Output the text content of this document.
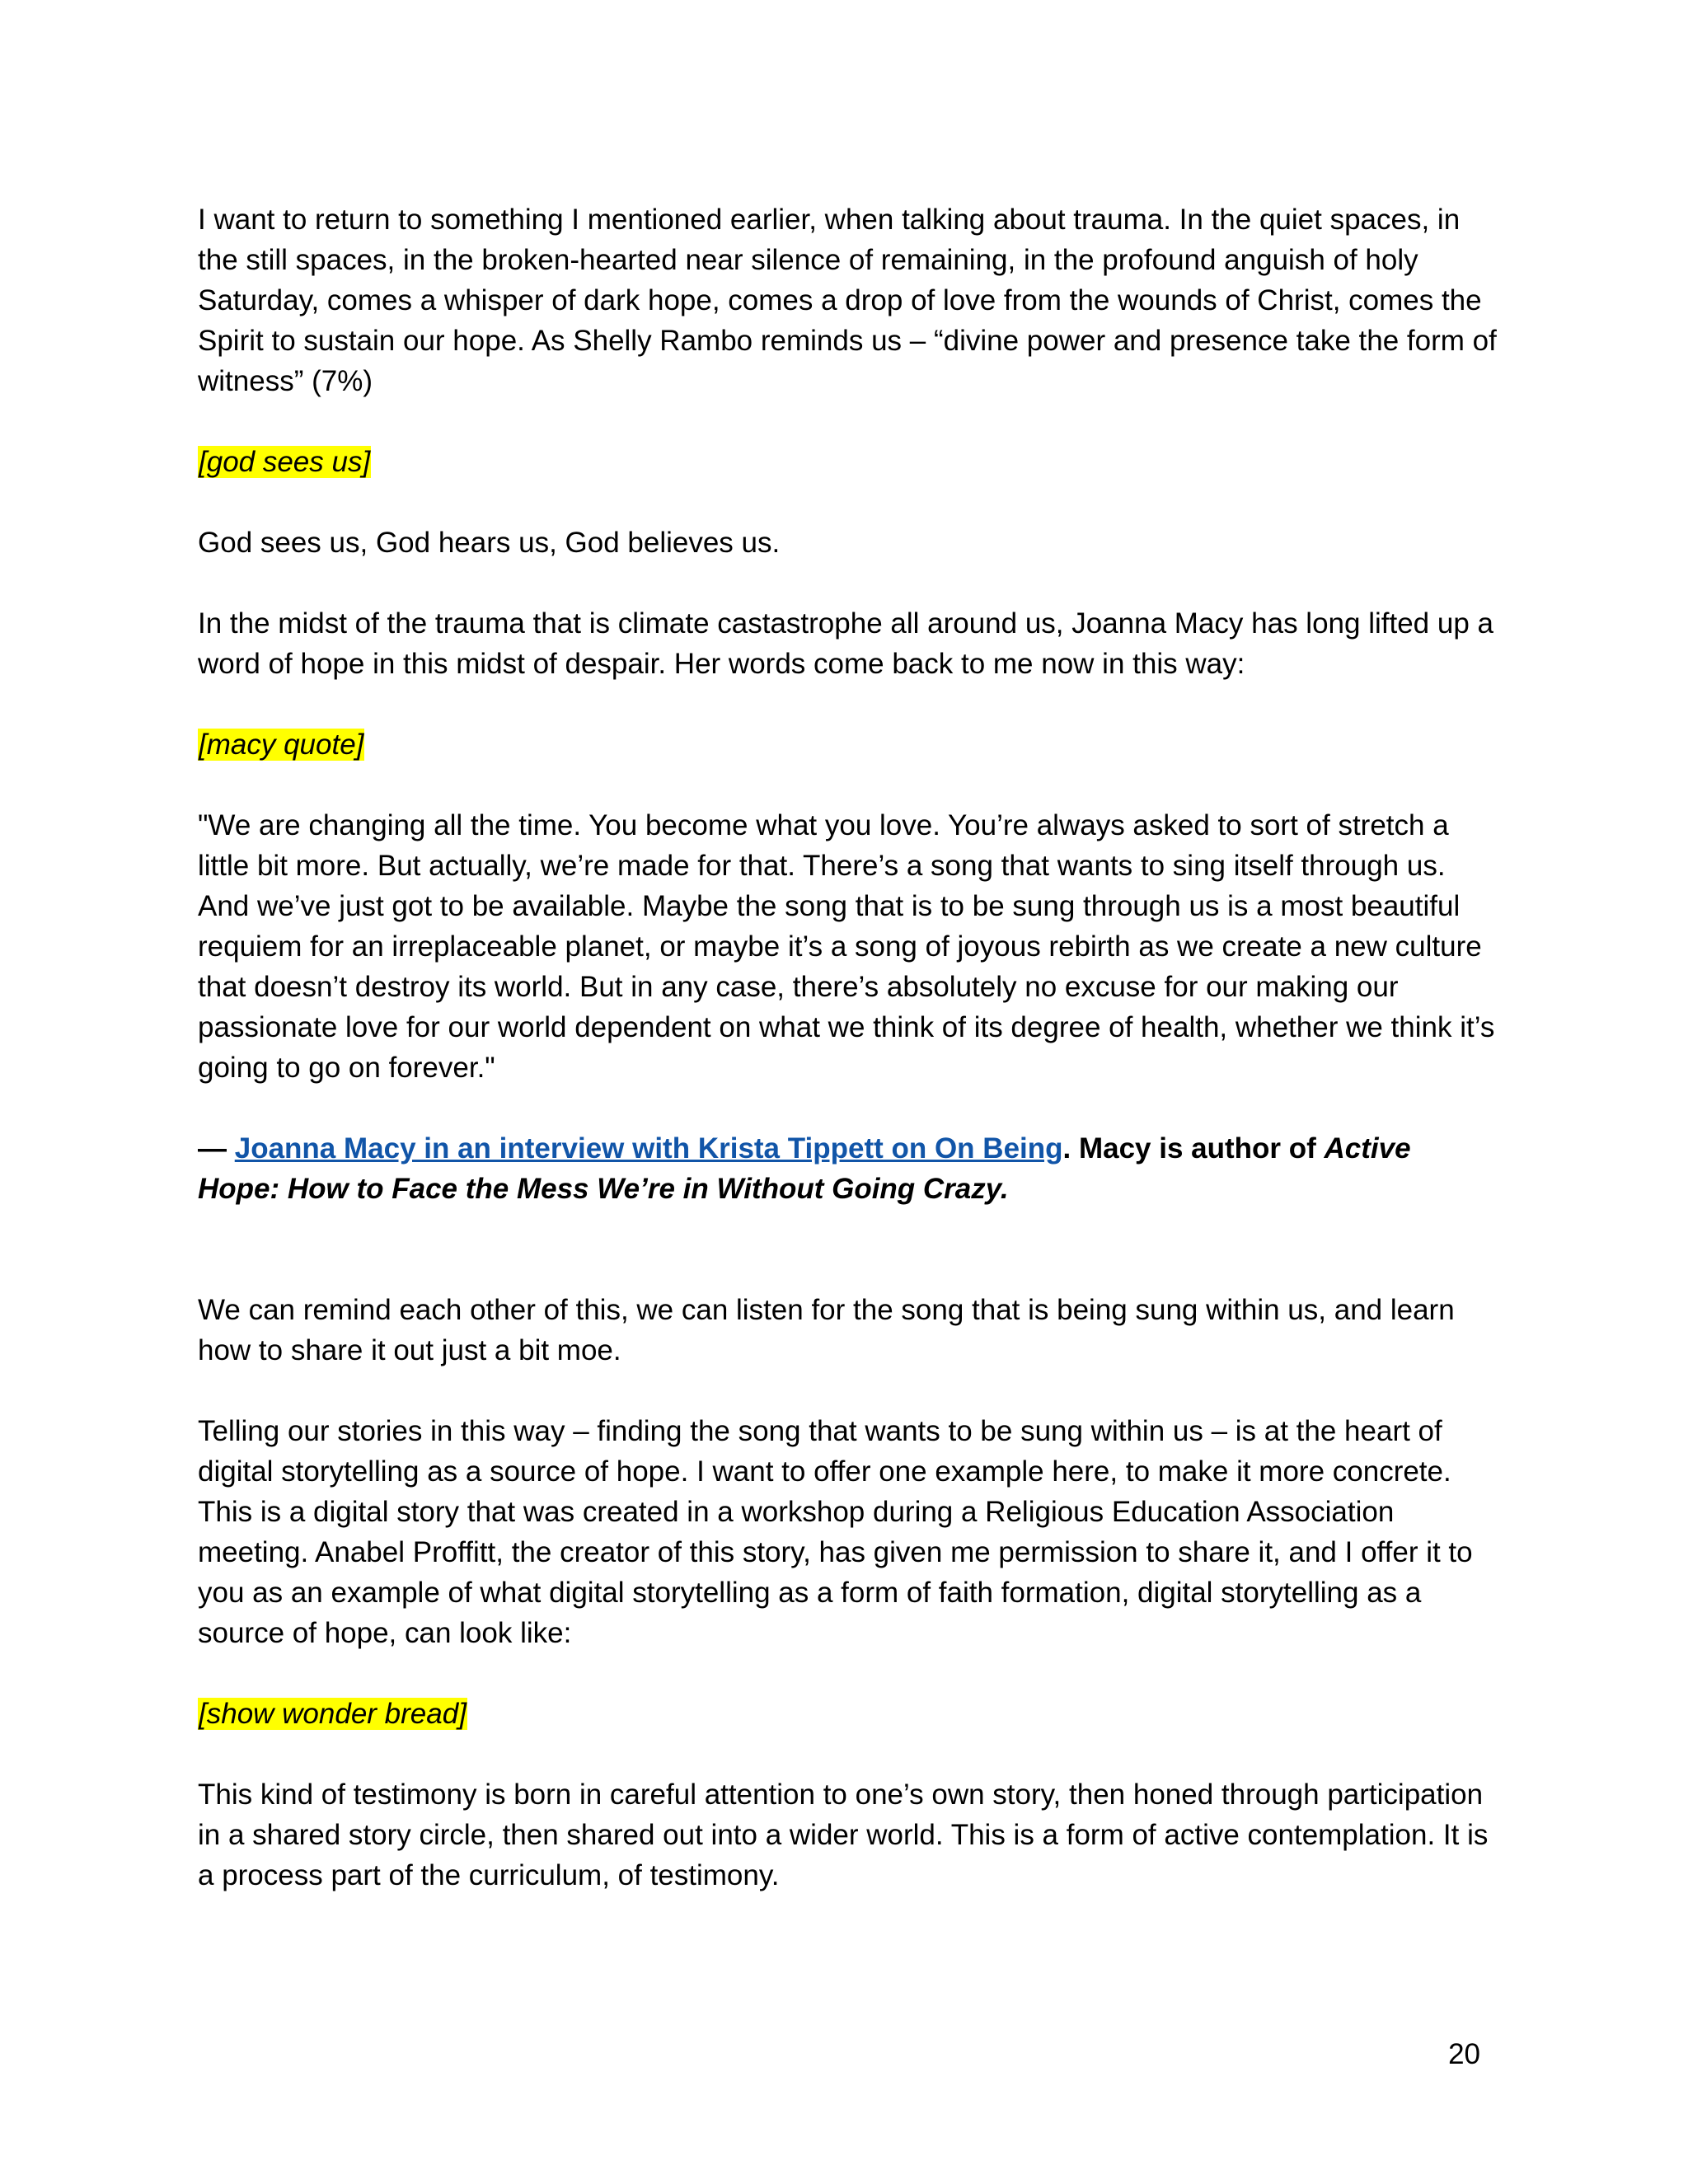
I want to return to something I mentioned earlier, when talking about trauma. In the quiet spaces, in the still spaces, in the broken-hearted near silence of remaining, in the profound anguish of holy Saturday, comes a whisper of dark hope, comes a drop of love from the wounds of Christ, comes the Spirit to sustain our hope. As Shelly Rambo reminds us – “divine power and presence take the form of witness” (7%)

[god sees us]

God sees us, God hears us, God believes us.

In the midst of the trauma that is climate castastrophe all around us, Joanna Macy has long lifted up a word of hope in this midst of despair. Her words come back to me now in this way:

[macy quote]

"We are changing all the time. You become what you love. You’re always asked to sort of stretch a little bit more. But actually, we’re made for that. There’s a song that wants to sing itself through us. And we’ve just got to be available. Maybe the song that is to be sung through us is a most beautiful requiem for an irreplaceable planet, or maybe it’s a song of joyous rebirth as we create a new culture that doesn’t destroy its world. But in any case, there’s absolutely no excuse for our making our passionate love for our world dependent on what we think of its degree of health, whether we think it’s going to go on forever."

— Joanna Macy in an interview with Krista Tippett on On Being. Macy is author of Active Hope: How to Face the Mess We’re in Without Going Crazy.

We can remind each other of this, we can listen for the song that is being sung within us, and learn how to share it out just a bit moe.

Telling our stories in this way – finding the song that wants to be sung within us – is at the heart of digital storytelling as a source of hope. I want to offer one example here, to make it more concrete. This is a digital story that was created in a workshop during a Religious Education Association meeting. Anabel Proffitt, the creator of this story, has given me permission to share it, and I offer it to you as an example of what digital storytelling as a form of faith formation, digital storytelling as a source of hope, can look like:

[show wonder bread]

This kind of testimony is born in careful attention to one’s own story, then honed through participation in a shared story circle, then shared out into a wider world. This is a form of active contemplation. It is a process part of the curriculum, of testimony.

20
